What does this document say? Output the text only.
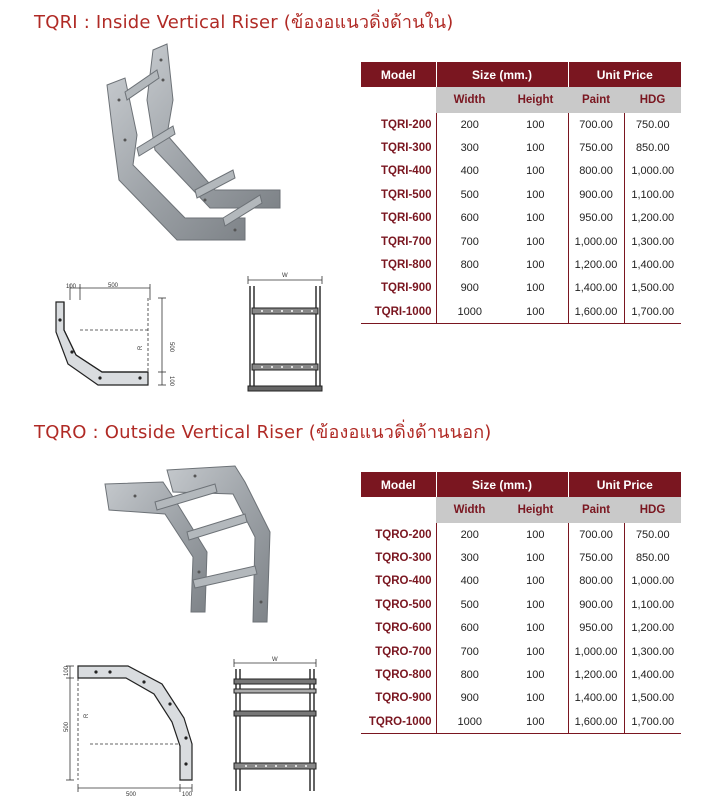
TQRI : Inside Vertical Riser (ข้องอแนวดิ่งด้านใน)
100	500
500
100
R
W
Model	Size (mm.)		Unit Price	
	Width	Height	Paint	HDG
TQRI-200	200	100	700.00	750.00
TQRI-300	300	100	750.00	850.00
TQRI-400	400	100	800.00	1,000.00
TQRI-500	500	100	900.00	1,100.00
TQRI-600	600	100	950.00	1,200.00
TQRI-700	700	100	1,000.00	1,300.00
TQRI-800	800	100	1,200.00	1,400.00
TQRI-900	900	100	1,400.00	1,500.00
TQRI-1000	1000	100	1,600.00	1,700.00
TQRO : Outside Vertical Riser (ข้องอแนวดิ่งด้านนอก)
100
500
500	100
R
W
Model	Size (mm.)		Unit Price	
	Width	Height	Paint	HDG
TQRO-200	200	100	700.00	750.00
TQRO-300	300	100	750.00	850.00
TQRO-400	400	100	800.00	1,000.00
TQRO-500	500	100	900.00	1,100.00
TQRO-600	600	100	950.00	1,200.00
TQRO-700	700	100	1,000.00	1,300.00
TQRO-800	800	100	1,200.00	1,400.00
TQRO-900	900	100	1,400.00	1,500.00
TQRO-1000	1000	100	1,600.00	1,700.00
